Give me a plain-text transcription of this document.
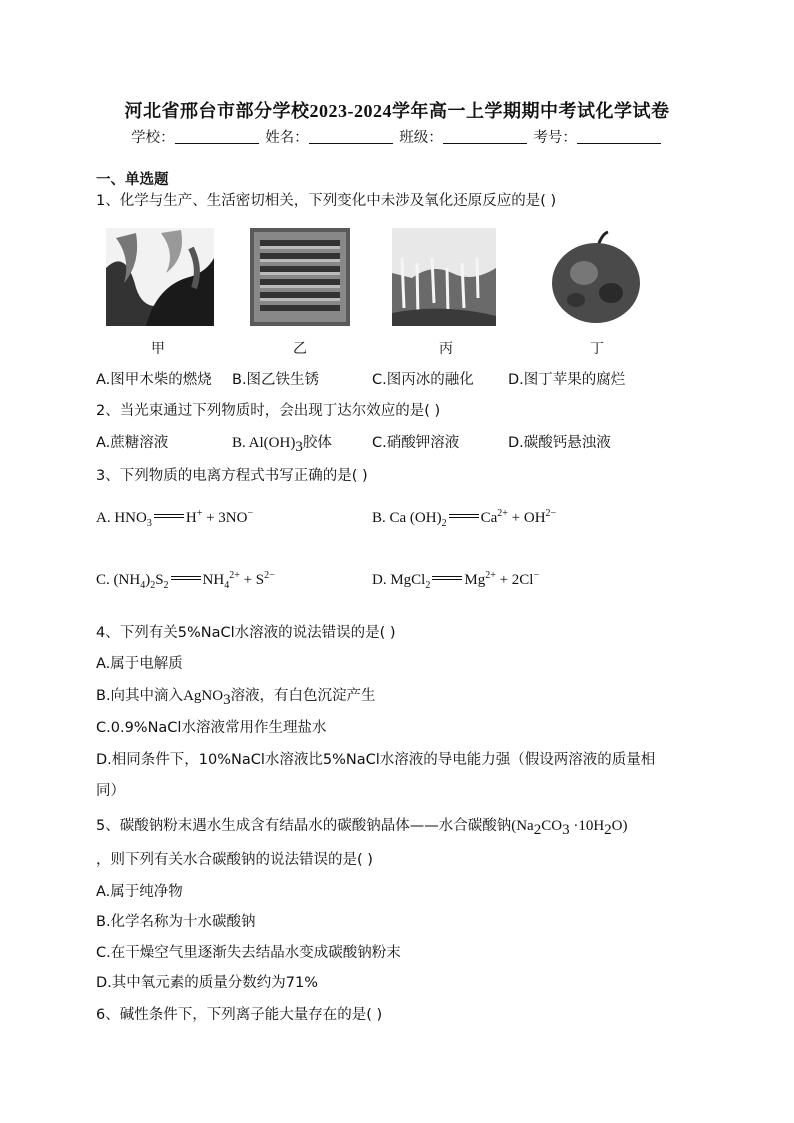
河北省邢台市部分学校2023-2024学年高一上学期期中考试化学试卷
学校：	姓名：	班级：	考号：
一、单选题
1、化学与生产、生活密切相关，下列变化中未涉及氧化还原反应的是( )
甲	乙	丙	丁
A.图甲木柴的燃烧 B.图乙铁生锈	C.图丙冰的融化 D.图丁苹果的腐烂
2、当光束通过下列物质时，会出现丁达尔效应的是( )
A.蔗糖溶液	B. $Al(OH)_3$胶体	C.硝酸钾溶液	D.碳酸钙悬浊液
3、下列物质的电离方程式书写正确的是( )
A. $HNO_3$ H+ + 3NO−	B. Ca $(OH)_2$ $Ca^{2+} + OH^{2-}$
C. $(NH_4)_2S_2$ $NH_4^{2+} + S^{2-}$	D. MgCl$_2$ $Mg^{2+} + 2Cl^-$
4、下列有关5%NaCl水溶液的说法错误的是( )
A.属于电解质
B.向其中滴入AgNO$_3$溶液，有白色沉淀产生
C.0.9%NaCl水溶液常用作生理盐水
D.相同条件下，10%NaCl水溶液比5%NaCl水溶液的导电能力强（假设两溶液的质量相
同）
5、碳酸钠粉末遇水生成含有结晶水的碳酸钠晶体——水合碳酸钠$(Na_2CO_3 \cdot 10H_2O)$
，则下列有关水合碳酸钠的说法错误的是( )
A.属于纯净物
B.化学名称为十水碳酸钠
C.在干燥空气里逐渐失去结晶水变成碳酸钠粉末
D.其中氧元素的质量分数约为71%
6、碱性条件下，下列离子能大量存在的是( )
